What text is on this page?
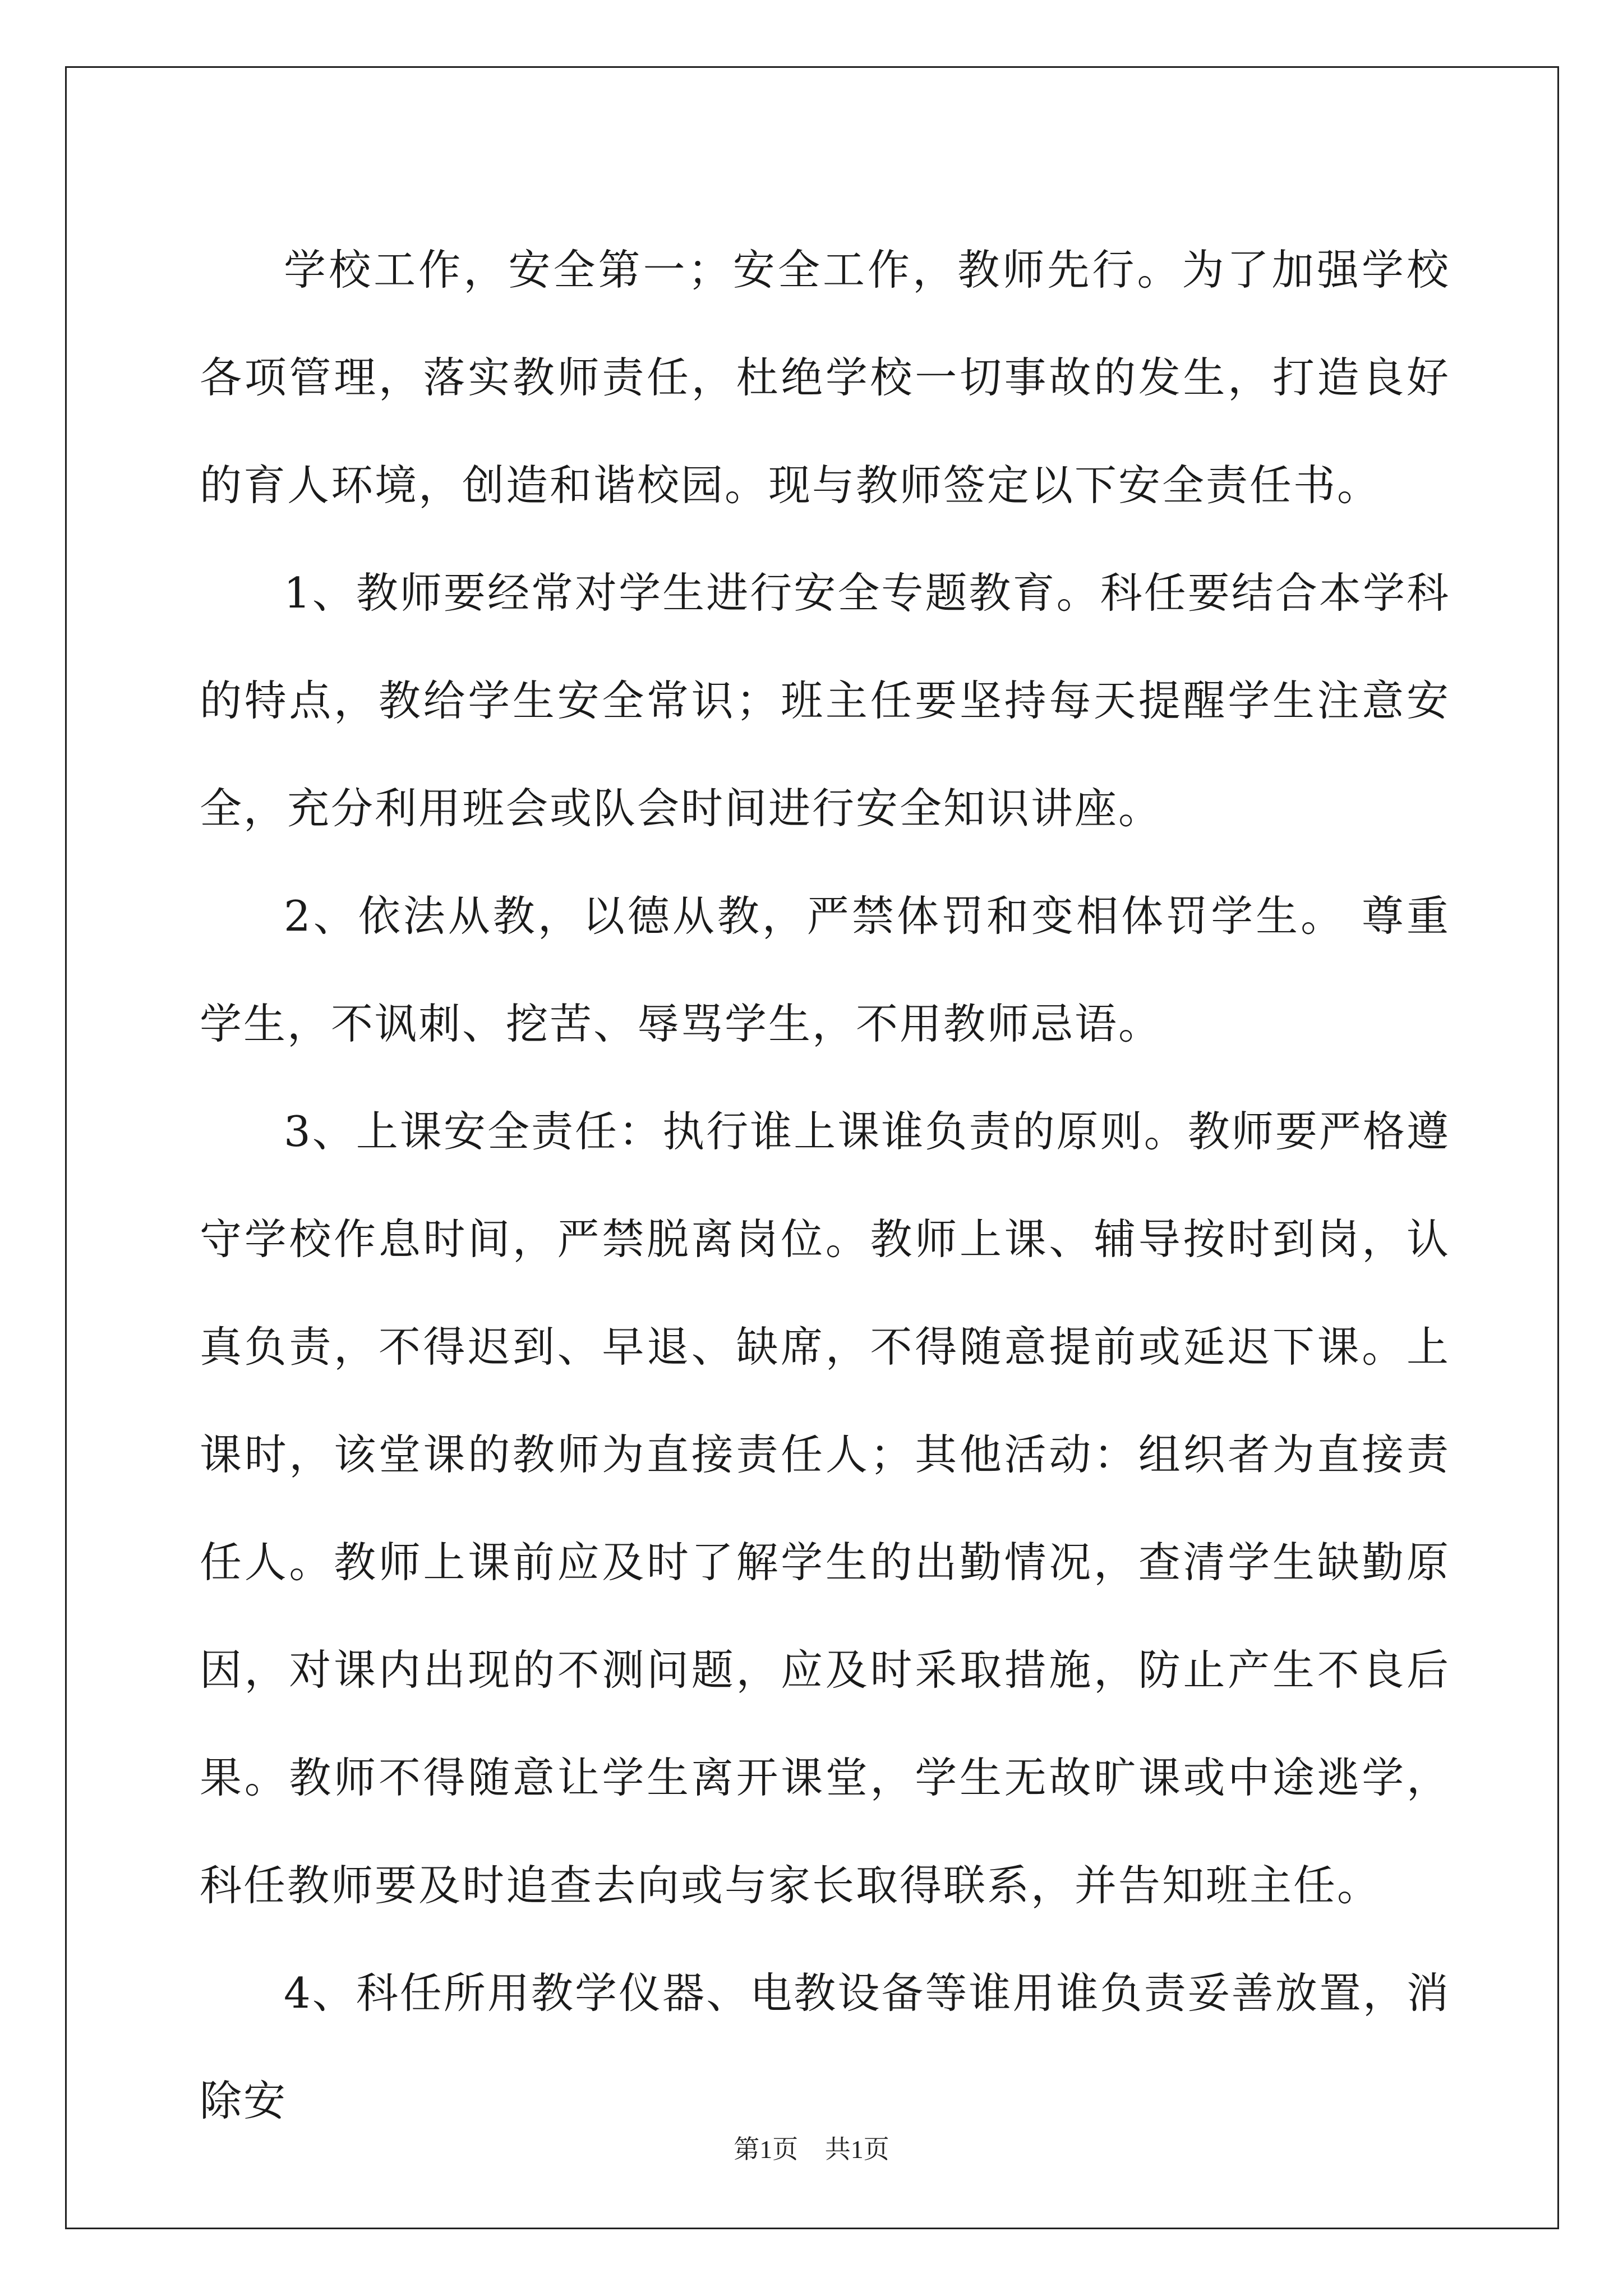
学校工作，安全第一；安全工作，教师先行。为了加强学校各项管理，落实教师责任，杜绝学校一切事故的发生，打造良好的育人环境，创造和谐校园。现与教师签定以下安全责任书。

1、教师要经常对学生进行安全专题教育。科任要结合本学科的特点，教给学生安全常识；班主任要坚持每天提醒学生注意安全，充分利用班会或队会时间进行安全知识讲座。

2、依法从教，以德从教，严禁体罚和变相体罚学生。 尊重学生，不讽刺、挖苦、辱骂学生，不用教师忌语。

3、上课安全责任：执行谁上课谁负责的原则。教师要严格遵守学校作息时间，严禁脱离岗位。教师上课、辅导按时到岗，认真负责，不得迟到、早退、缺席，不得随意提前或延迟下课。上课时，该堂课的教师为直接责任人；其他活动：组织者为直接责任人。教师上课前应及时了解学生的出勤情况，查清学生缺勤原因，对课内出现的不测问题，应及时采取措施，防止产生不良后果。教师不得随意让学生离开课堂，学生无故旷课或中途逃学，科任教师要及时追查去向或与家长取得联系，并告知班主任。

4、科任所用教学仪器、电教设备等谁用谁负责妥善放置，消除安

第1页 共1页
